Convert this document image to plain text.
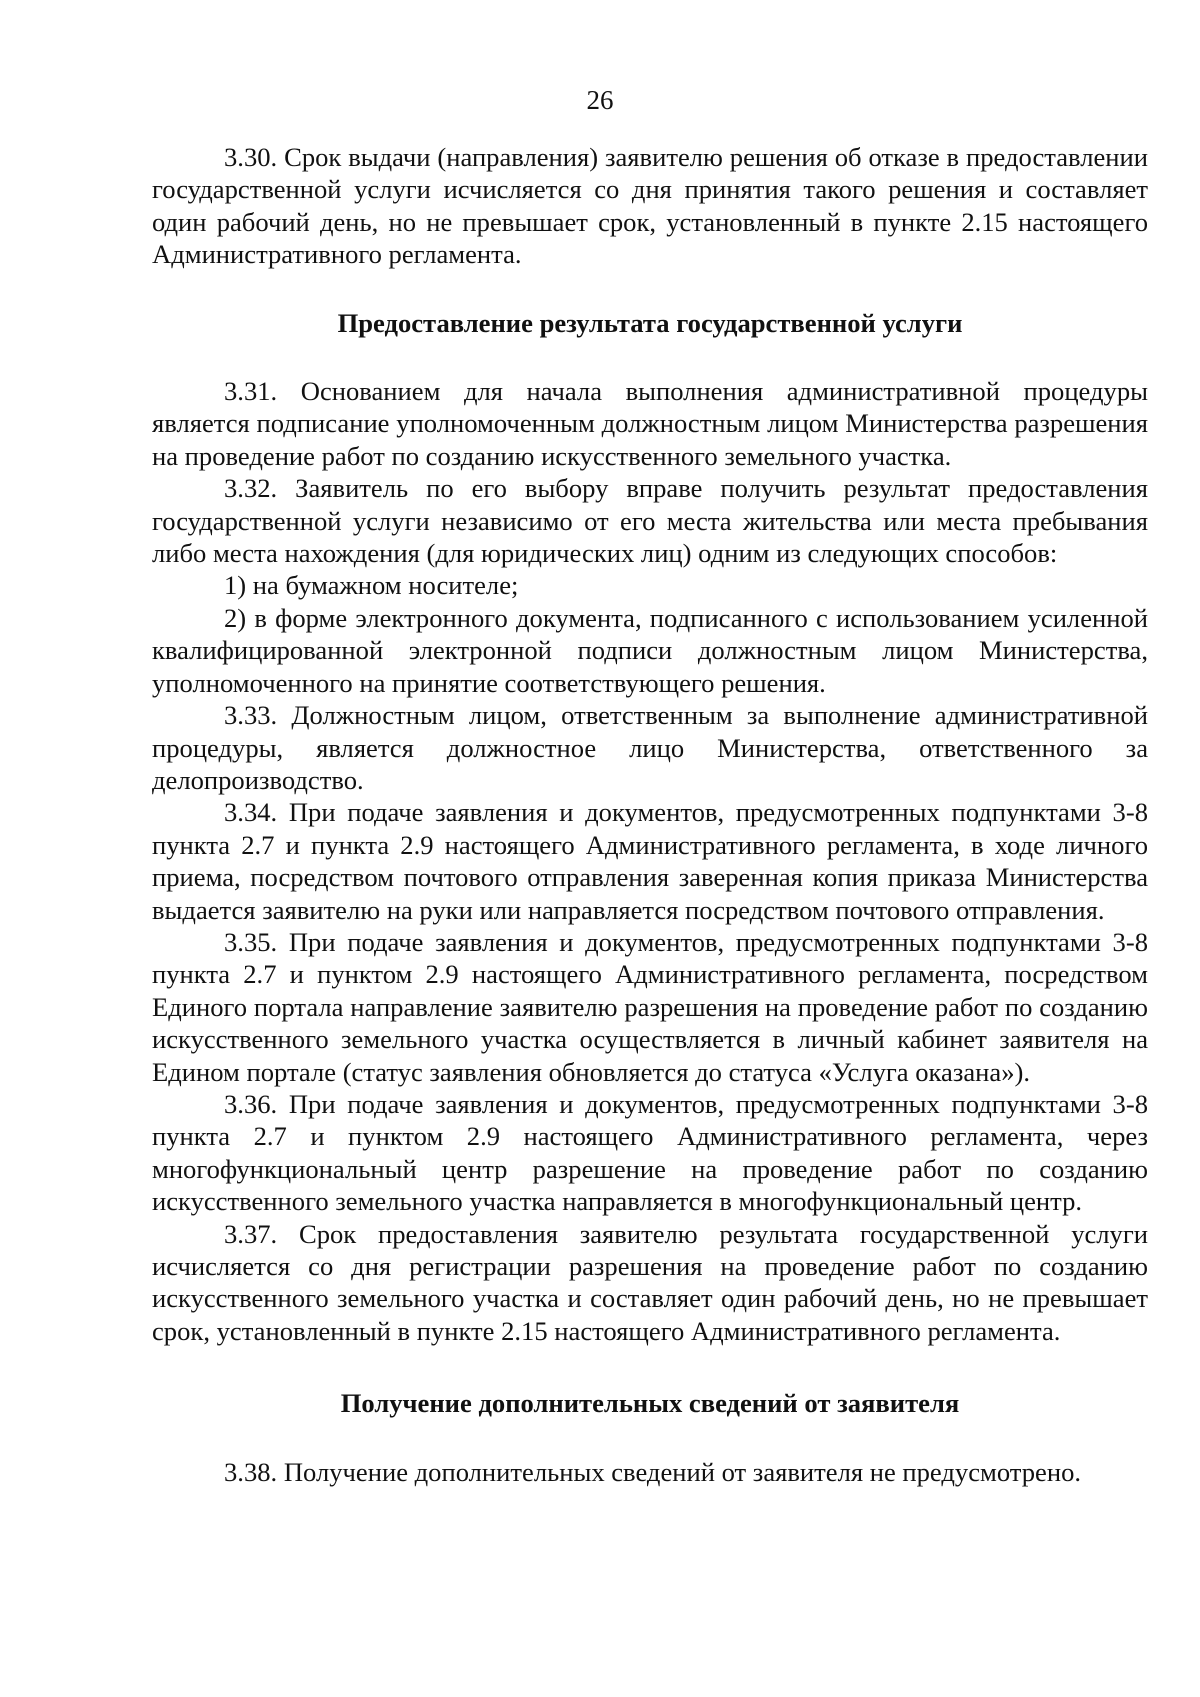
26

3.30. Срок выдачи (направления) заявителю решения об отказе в предоставлении государственной услуги исчисляется со дня принятия такого решения и составляет один рабочий день, но не превышает срок, установленный в пункте 2.15 настоящего Административного регламента.

Предоставление результата государственной услуги

3.31. Основанием для начала выполнения административной процедуры является подписание уполномоченным должностным лицом Министерства разрешения на проведение работ по созданию искусственного земельного участка.

3.32. Заявитель по его выбору вправе получить результат предоставления государственной услуги независимо от его места жительства или места пребывания либо места нахождения (для юридических лиц) одним из следующих способов:

1) на бумажном носителе;

2) в форме электронного документа, подписанного с использованием усиленной квалифицированной электронной подписи должностным лицом Министерства, уполномоченного на принятие соответствующего решения.

3.33. Должностным лицом, ответственным за выполнение административной процедуры, является должностное лицо Министерства, ответственного за делопроизводство.

3.34. При подаче заявления и документов, предусмотренных подпунктами 3-8 пункта 2.7 и пункта 2.9 настоящего Административного регламента, в ходе личного приема, посредством почтового отправления заверенная копия приказа Министерства выдается заявителю на руки или направляется посредством почтового отправления.

3.35. При подаче заявления и документов, предусмотренных подпунктами 3-8 пункта 2.7 и пунктом 2.9 настоящего Административного регламента, посредством Единого портала направление заявителю разрешения на проведение работ по созданию искусственного земельного участка осуществляется в личный кабинет заявителя на Едином портале (статус заявления обновляется до статуса «Услуга оказана»).

3.36. При подаче заявления и документов, предусмотренных подпунктами 3-8 пункта 2.7 и пунктом 2.9 настоящего Административного регламента, через многофункциональный центр разрешение на проведение работ по созданию искусственного земельного участка направляется в многофункциональный центр.

3.37. Срок предоставления заявителю результата государственной услуги исчисляется со дня регистрации разрешения на проведение работ по созданию искусственного земельного участка и составляет один рабочий день, но не превышает срок, установленный в пункте 2.15 настоящего Административного регламента.

Получение дополнительных сведений от заявителя

3.38. Получение дополнительных сведений от заявителя не предусмотрено.
